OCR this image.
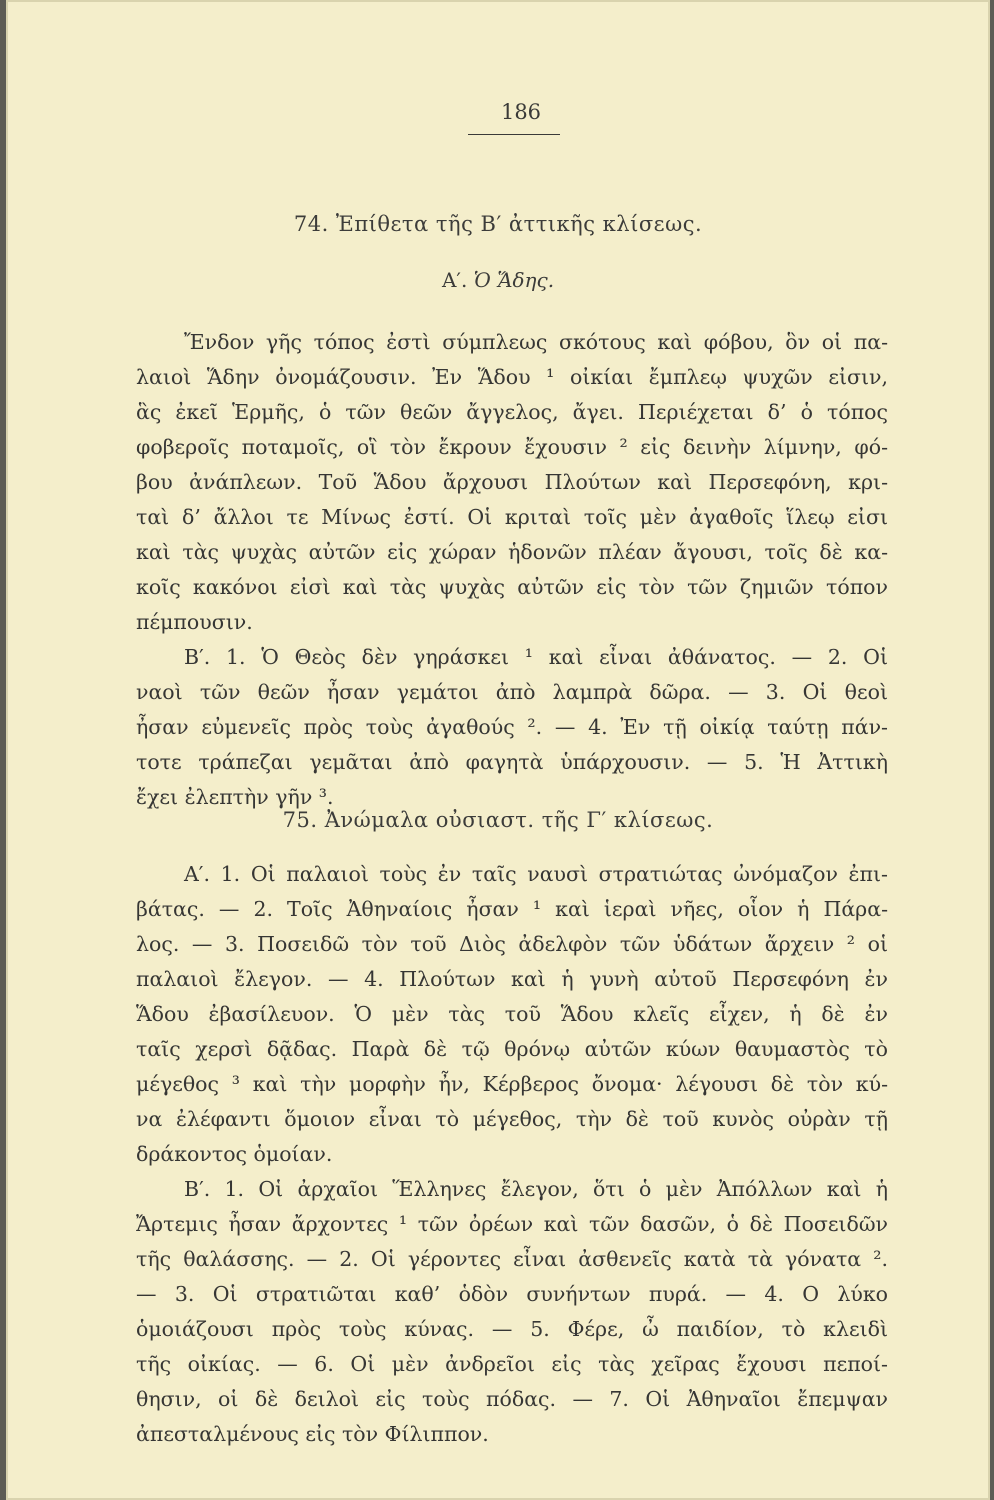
186
74. Ἐπίθετα τῆς Β′ ἀττικῆς κλίσεως.
Α′. Ὁ Ἅδης.
Ἔνδον γῆς τόπος ἐστὶ σύμπλεως σκότους καὶ φόβου, ὃν οἱ πα-
λαιοὶ Ἅδην ὀνομάζουσιν. Ἐν Ἅδου ¹ οἰκίαι ἔμπλεῳ ψυχῶν εἰσιν,
ἃς ἐκεῖ Ἑρμῆς, ὁ τῶν θεῶν ἄγγελος, ἄγει. Περιέχεται δ’ ὁ τόπος
φοβεροῖς ποταμοῖς, οἳ τὸν ἔκρουν ἔχουσιν ² εἰς δεινὴν λίμνην, φό-
βου ἀνάπλεων. Τοῦ Ἅδου ἄρχουσι Πλούτων καὶ Περσεφόνη, κρι-
ταὶ δ’ ἄλλοι τε Μίνως ἐστί. Οἱ κριταὶ τοῖς μὲν ἀγαθοῖς ἵλεῳ εἰσι
καὶ τὰς ψυχὰς αὐτῶν εἰς χώραν ἡδονῶν πλέαν ἄγουσι, τοῖς δὲ κα-
κοῖς κακόνοι εἰσὶ καὶ τὰς ψυχὰς αὐτῶν εἰς τὸν τῶν ζημιῶν τόπον
πέμπουσιν.
Β′. 1. Ὁ Θεὸς δὲν γηράσκει ¹ καὶ εἶναι ἀθάνατος. — 2. Οἱ
ναοὶ τῶν θεῶν ἦσαν γεμάτοι ἀπὸ λαμπρὰ δῶρα. — 3. Οἱ θεοὶ
ἦσαν εὐμενεῖς πρὸς τοὺς ἀγαθούς ². — 4. Ἐν τῇ οἰκίᾳ ταύτῃ πάν-
τοτε τράπεζαι γεμᾶται ἀπὸ φαγητὰ ὑπάρχουσιν. — 5. Ἡ Ἀττικὴ
ἔχει ἐλεπτὴν γῆν ³.
75. Ἀνώμαλα οὐσιαστ. τῆς Γ′ κλίσεως.
Α′. 1. Οἱ παλαιοὶ τοὺς ἐν ταῖς ναυσὶ στρατιώτας ὠνόμαζον ἐπι-
βάτας. — 2. Τοῖς Ἀθηναίοις ἦσαν ¹ καὶ ἱεραὶ νῆες, οἷον ἡ Πάρα-
λος. — 3. Ποσειδῶ τὸν τοῦ Διὸς ἀδελφὸν τῶν ὑδάτων ἄρχειν ² οἱ
παλαιοὶ ἔλεγον. — 4. Πλούτων καὶ ἡ γυνὴ αὐτοῦ Περσεφόνη ἐν
Ἅδου ἐβασίλευον. Ὁ μὲν τὰς τοῦ Ἅδου κλεῖς εἶχεν, ἡ δὲ ἐν
ταῖς χερσὶ δᾷδας. Παρὰ δὲ τῷ θρόνῳ αὐτῶν κύων θαυμαστὸς τὸ
μέγεθος ³ καὶ τὴν μορφὴν ἦν, Κέρβερος ὄνομα· λέγουσι δὲ τὸν κύ-
να ἐλέφαντι ὅμοιον εἶναι τὸ μέγεθος, τὴν δὲ τοῦ κυνὸς οὐρὰν τῇ
δράκοντος ὁμοίαν.
Β′. 1. Οἱ ἀρχαῖοι Ἕλληνες ἔλεγον, ὅτι ὁ μὲν Ἀπόλλων καὶ ἡ
Ἄρτεμις ἦσαν ἄρχοντες ¹ τῶν ὀρέων καὶ τῶν δασῶν, ὁ δὲ Ποσειδῶν
τῆς θαλάσσης. — 2. Οἱ γέροντες εἶναι ἀσθενεῖς κατὰ τὰ γόνατα ².
— 3. Οἱ στρατιῶται καθ’ ὁδὸν συνήντων πυρά. — 4. Ο λύκο
ὁμοιάζουσι πρὸς τοὺς κύνας. — 5. Φέρε, ὦ παιδίον, τὸ κλειδὶ
τῆς οἰκίας. — 6. Οἱ μὲν ἀνδρεῖοι εἰς τὰς χεῖρας ἔχουσι πεποί-
θησιν, οἱ δὲ δειλοὶ εἰς τοὺς πόδας. — 7. Οἱ Ἀθηναῖοι ἔπεμψαν
ἀπεσταλμένους εἰς τὸν Φίλιππον.
